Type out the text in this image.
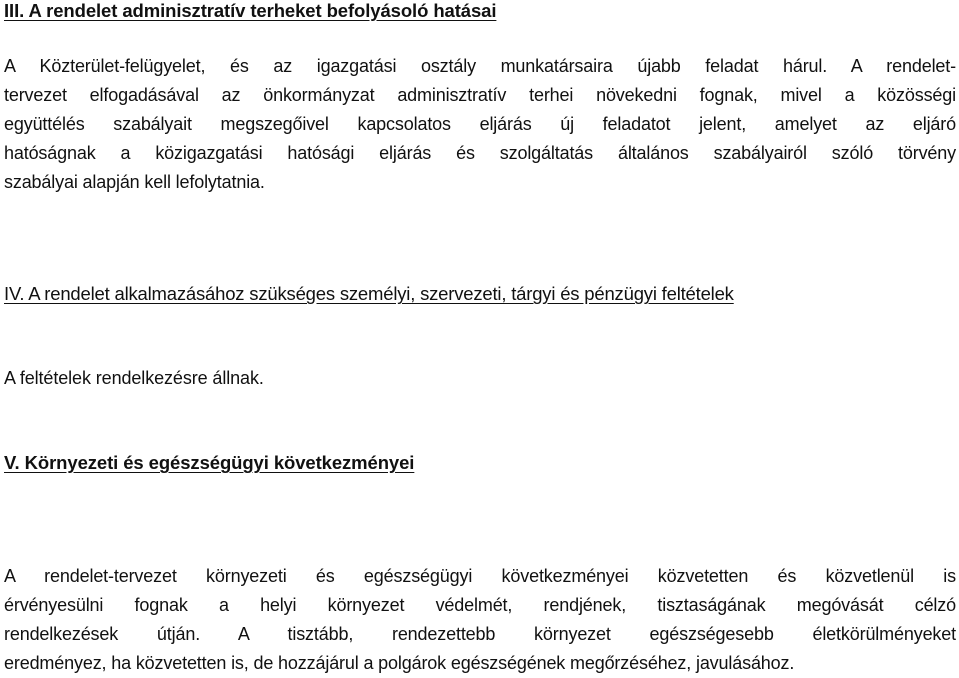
III. A rendelet adminisztratív terheket befolyásoló hatásai
A Közterület-felügyelet, és az igazgatási osztály munkatársaira újabb feladat hárul. A rendelet-
tervezet elfogadásával az önkormányzat adminisztratív terhei növekedni fognak, mivel a közösségi
együttélés szabályait megszegőivel kapcsolatos eljárás új feladatot jelent, amelyet az eljáró
hatóságnak a közigazgatási hatósági eljárás és szolgáltatás általános szabályairól szóló törvény
szabályai alapján kell lefolytatnia.
IV. A rendelet alkalmazásához szükséges személyi, szervezeti, tárgyi és pénzügyi feltételek
A feltételek rendelkezésre állnak.
V. Környezeti és egészségügyi következményei
A rendelet-tervezet környezeti és egészségügyi következményei közvetetten és közvetlenül is
érvényesülni fognak a helyi környezet védelmét, rendjének, tisztaságának megóvását célzó
rendelkezések útján. A tisztább, rendezettebb környezet egészségesebb életkörülményeket
eredményez, ha közvetetten is, de hozzájárul a polgárok egészségének megőrzéséhez, javulásához.
